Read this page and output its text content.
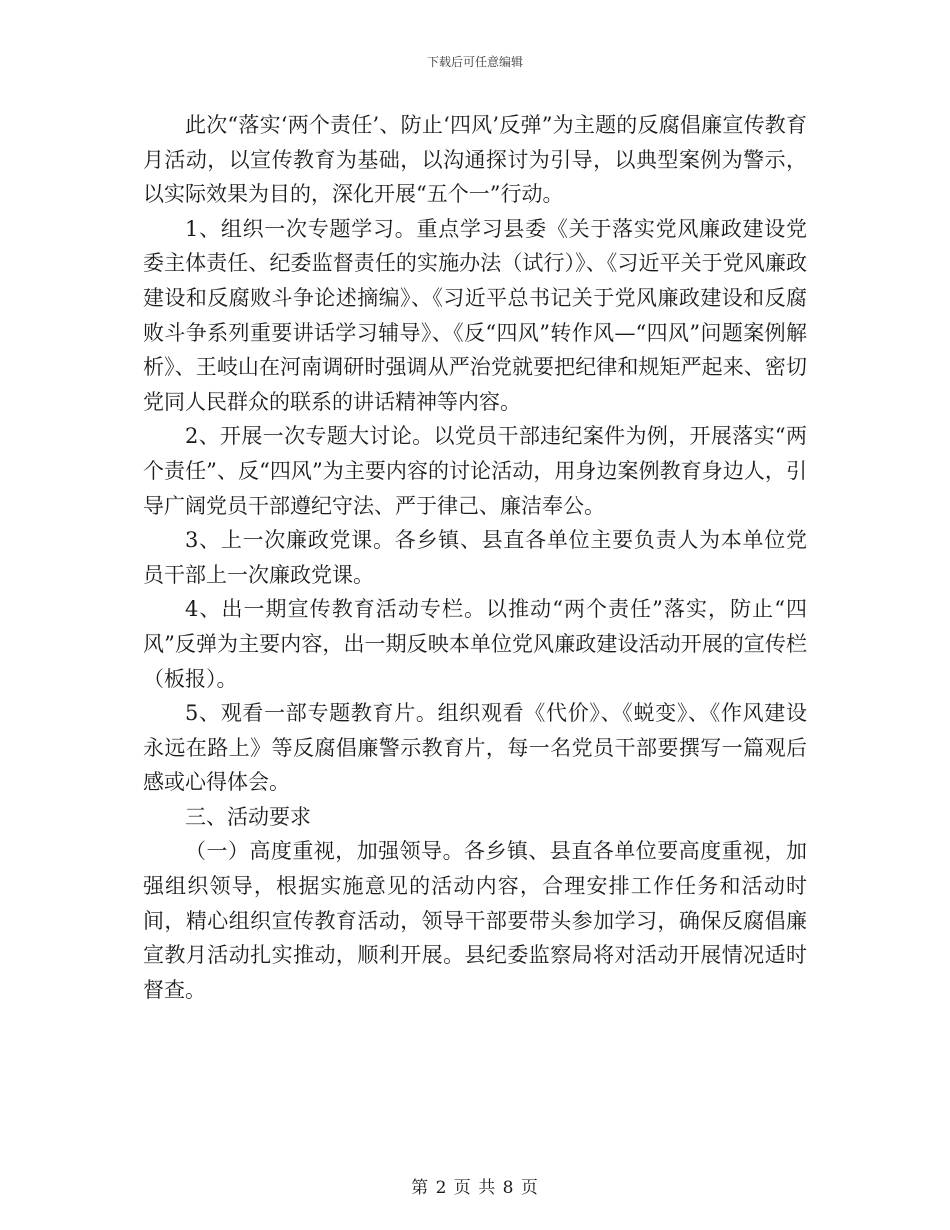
下载后可任意编辑

此次“落实‘两个责任’、防止‘四风’反弹”为主题的反腐倡廉宣传教育月活动，以宣传教育为基础，以沟通探讨为引导，以典型案例为警示，以实际效果为目的，深化开展“五个一”行动。

1、组织一次专题学习。重点学习县委《关于落实党风廉政建设党委主体责任、纪委监督责任的实施办法（试行）》、《习近平关于党风廉政建设和反腐败斗争论述摘编》、《习近平总书记关于党风廉政建设和反腐败斗争系列重要讲话学习辅导》、《反“四风”转作风—“四风”问题案例解析》、王岐山在河南调研时强调从严治党就要把纪律和规矩严起来、密切党同人民群众的联系的讲话精神等内容。

2、开展一次专题大讨论。以党员干部违纪案件为例，开展落实“两个责任”、反“四风”为主要内容的讨论活动，用身边案例教育身边人，引导广阔党员干部遵纪守法、严于律己、廉洁奉公。

3、上一次廉政党课。各乡镇、县直各单位主要负责人为本单位党员干部上一次廉政党课。

4、出一期宣传教育活动专栏。以推动“两个责任”落实，防止“四风”反弹为主要内容，出一期反映本单位党风廉政建设活动开展的宣传栏（板报）。

5、观看一部专题教育片。组织观看《代价》、《蜕变》、《作风建设永远在路上》等反腐倡廉警示教育片，每一名党员干部要撰写一篇观后感或心得体会。

三、活动要求

（一）高度重视，加强领导。各乡镇、县直各单位要高度重视，加强组织领导，根据实施意见的活动内容，合理安排工作任务和活动时间，精心组织宣传教育活动，领导干部要带头参加学习，确保反腐倡廉宣教月活动扎实推动，顺利开展。县纪委监察局将对活动开展情况适时督查。

第 2 页 共 8 页
